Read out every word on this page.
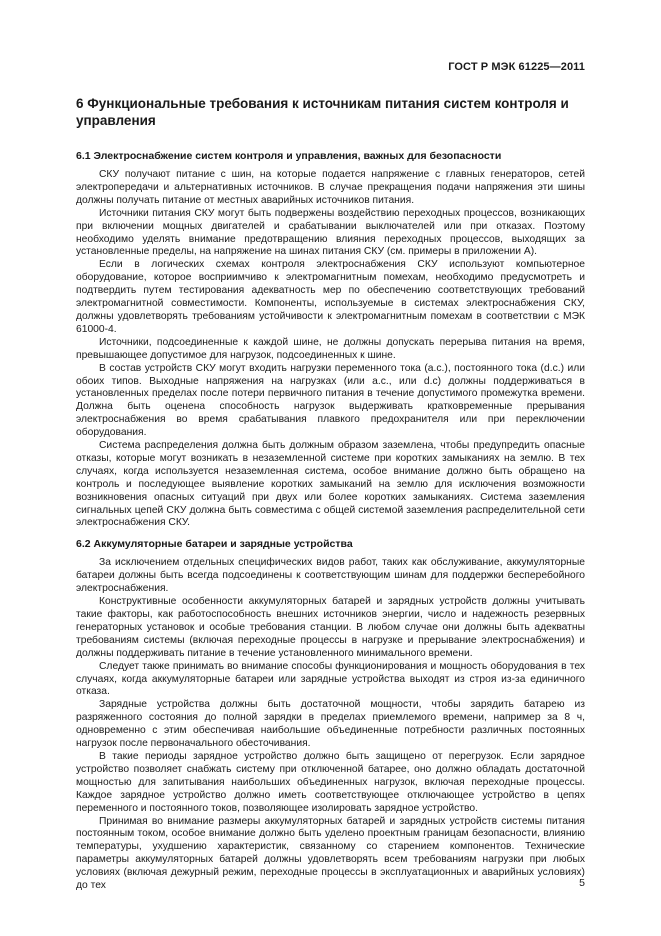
ГОСТ Р МЭК 61225—2011
6 Функциональные требования к источникам питания систем контроля и управления
6.1 Электроснабжение систем контроля и управления, важных для безопасности

СКУ получают питание с шин, на которые подается напряжение с главных генераторов, сетей электропередачи и альтернативных источников. В случае прекращения подачи напряжения эти шины должны получать питание от местных аварийных источников питания.

Источники питания СКУ могут быть подвержены воздействию переходных процессов, возникающих при включении мощных двигателей и срабатывании выключателей или при отказах. Поэтому необходимо уделять внимание предотвращению влияния переходных процессов, выходящих за установленные пределы, на напряжение на шинах питания СКУ (см. примеры в приложении А).

Если в логических схемах контроля электроснабжения СКУ используют компьютерное оборудование, которое восприимчиво к электромагнитным помехам, необходимо предусмотреть и подтвердить путем тестирования адекватность мер по обеспечению соответствующих требований электромагнитной совместимости. Компоненты, используемые в системах электроснабжения СКУ, должны удовлетворять требованиям устойчивости к электромагнитным помехам в соответствии с МЭК 61000-4.

Источники, подсоединенные к каждой шине, не должны допускать перерыва питания на время, превышающее допустимое для нагрузок, подсоединенных к шине.

В состав устройств СКУ могут входить нагрузки переменного тока (a.c.), постоянного тока (d.c.) или обоих типов. Выходные напряжения на нагрузках (или a.c., или d.c) должны поддерживаться в установленных пределах после потери первичного питания в течение допустимого промежутка времени. Должна быть оценена способность нагрузок выдерживать кратковременные прерывания электроснабжения во время срабатывания плавкого предохранителя или при переключении оборудования.

Система распределения должна быть должным образом заземлена, чтобы предупредить опасные отказы, которые могут возникать в незаземленной системе при коротких замыканиях на землю. В тех случаях, когда используется незаземленная система, особое внимание должно быть обращено на контроль и последующее выявление коротких замыканий на землю для исключения возможности возникновения опасных ситуаций при двух или более коротких замыканиях. Система заземления сигнальных цепей СКУ должна быть совместима с общей системой заземления распределительной сети электроснабжения СКУ.

6.2 Аккумуляторные батареи и зарядные устройства

За исключением отдельных специфических видов работ, таких как обслуживание, аккумуляторные батареи должны быть всегда подсоединены к соответствующим шинам для поддержки бесперебойного электроснабжения.

Конструктивные особенности аккумуляторных батарей и зарядных устройств должны учитывать такие факторы, как работоспособность внешних источников энергии, число и надежность резервных генераторных установок и особые требования станции. В любом случае они должны быть адекватны требованиям системы (включая переходные процессы в нагрузке и прерывание электроснабжения) и должны поддерживать питание в течение установленного минимального времени.

Следует также принимать во внимание способы функционирования и мощность оборудования в тех случаях, когда аккумуляторные батареи или зарядные устройства выходят из строя из-за единичного отказа.

Зарядные устройства должны быть достаточной мощности, чтобы зарядить батарею из разряженного состояния до полной зарядки в пределах приемлемого времени, например за 8 ч, одновременно с этим обеспечивая наибольшие объединенные потребности различных постоянных нагрузок после первоначального обесточивания.

В такие периоды зарядное устройство должно быть защищено от перегрузок. Если зарядное устройство позволяет снабжать систему при отключенной батарее, оно должно обладать достаточной мощностью для запитывания наибольших объединенных нагрузок, включая переходные процессы. Каждое зарядное устройство должно иметь соответствующее отключающее устройство в цепях переменного и постоянного токов, позволяющее изолировать зарядное устройство.

Принимая во внимание размеры аккумуляторных батарей и зарядных устройств системы питания постоянным током, особое внимание должно быть уделено проектным границам безопасности, влиянию температуры, ухудшению характеристик, связанному со старением компонентов. Технические параметры аккумуляторных батарей должны удовлетворять всем требованиям нагрузки при любых условиях (включая дежурный режим, переходные процессы в эксплуатационных и аварийных условиях) до тех	5
